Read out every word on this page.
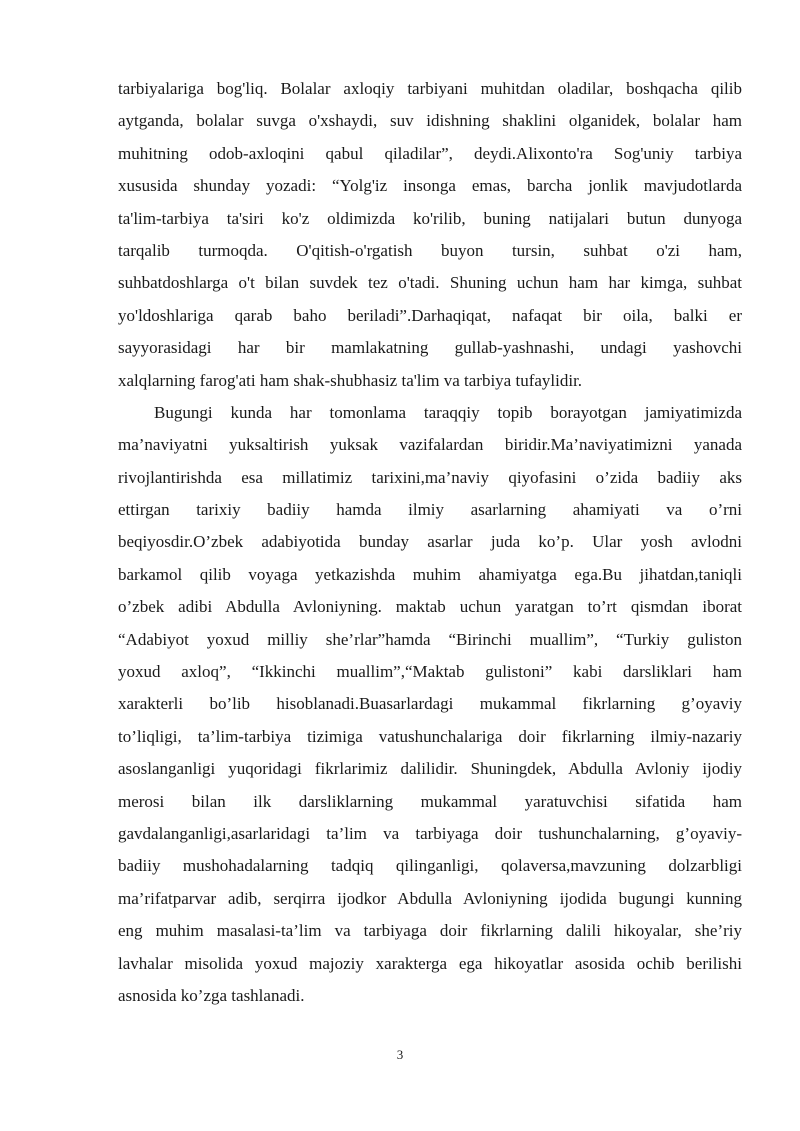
tarbiyalariga bog'liq. Bolalar axloqiy tarbiyani muhitdan oladilar, boshqacha qilib
aytganda, bolalar suvga o'xshaydi, suv idishning shaklini olganidek, bolalar ham
muhitning odob-axloqini qabul qiladilar”, deydi.Alixonto'ra Sog'uniy tarbiya
xususida shunday yozadi: “Yolg'iz insonga emas, barcha jonlik mavjudotlarda
ta'lim-tarbiya ta'siri ko'z oldimizda ko'rilib, buning natijalari butun dunyoga
tarqalib turmoqda. O'qitish-o'rgatish buyon tursin, suhbat o'zi ham,
suhbatdoshlarga o't bilan suvdek tez o'tadi. Shuning uchun ham har kimga, suhbat
yo'ldoshlariga qarab baho beriladi”.Darhaqiqat, nafaqat bir oila, balki er
sayyorasidagi har bir mamlakatning gullab-yashnashi, undagi yashovchi
xalqlarning farog'ati ham shak-shubhasiz ta'lim va tarbiya tufaylidir.
Bugungi kunda har tomonlama taraqqiy topib borayotgan jamiyatimizda
ma’naviyatni yuksaltirish yuksak vazifalardan biridir.Ma’naviyatimizni yanada
rivojlantirishda esa millatimiz tarixini,ma’naviy qiyofasini o’zida badiiy aks
ettirgan tarixiy badiiy hamda ilmiy asarlarning ahamiyati va o’rni
beqiyosdir.O’zbek adabiyotida bunday asarlar juda ko’p. Ular yosh avlodni
barkamol qilib voyaga yetkazishda muhim ahamiyatga ega.Bu jihatdan,taniqli
o’zbek adibi Abdulla Avloniyning. maktab uchun yaratgan to’rt qismdan iborat
“Adabiyot yoxud milliy she’rlar”hamda “Birinchi muallim”, “Turkiy guliston
yoxud axloq”, “Ikkinchi muallim”,“Maktab gulistoni” kabi darsliklari ham
xarakterli bo’lib hisoblanadi.Buasarlardagi mukammal fikrlarning g’oyaviy
to’liqligi, ta’lim-tarbiya tizimiga vatushunchalariga doir fikrlarning ilmiy-nazariy
asoslanganligi yuqoridagi fikrlarimiz dalilidir. Shuningdek, Abdulla Avloniy ijodiy
merosi bilan ilk darsliklarning mukammal yaratuvchisi sifatida ham
gavdalanganligi,asarlaridagi ta’lim va tarbiyaga doir tushunchalarning, g’oyaviy-
badiiy mushohadalarning tadqiq qilinganligi, qolaversa,mavzuning dolzarbligi
ma’rifatparvar adib, serqirra ijodkor Abdulla Avloniyning ijodida bugungi kunning
eng muhim masalasi-ta’lim va tarbiyaga doir fikrlarning dalili hikoyalar, she’riy
lavhalar misolida yoxud majoziy xarakterga ega hikoyatlar asosida ochib berilishi
asnosida ko’zga tashlanadi.
3
